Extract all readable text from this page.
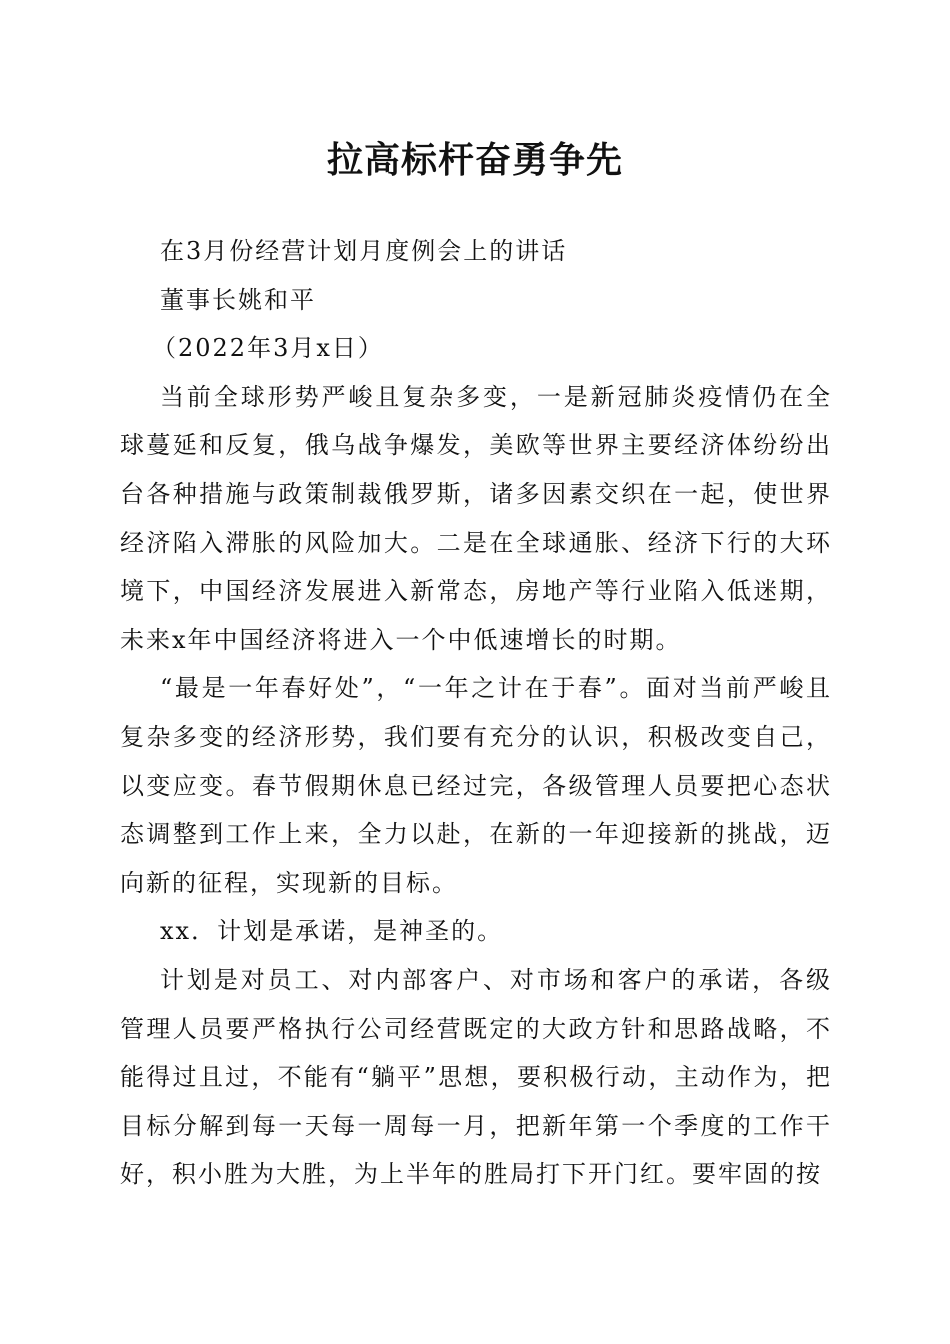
拉高标杆奋勇争先

在3月份经营计划月度例会上的讲话

董事长姚和平

（2022年3月x日）

当前全球形势严峻且复杂多变，一是新冠肺炎疫情仍在全球蔓延和反复，俄乌战争爆发，美欧等世界主要经济体纷纷出台各种措施与政策制裁俄罗斯，诸多因素交织在一起，使世界经济陷入滞胀的风险加大。二是在全球通胀、经济下行的大环境下，中国经济发展进入新常态，房地产等行业陷入低迷期，未来x年中国经济将进入一个中低速增长的时期。

“最是一年春好处”，“一年之计在于春”。面对当前严峻且复杂多变的经济形势，我们要有充分的认识，积极改变自己，以变应变。春节假期休息已经过完，各级管理人员要把心态状态调整到工作上来，全力以赴，在新的一年迎接新的挑战，迈向新的征程，实现新的目标。

xx．计划是承诺，是神圣的。

计划是对员工、对内部客户、对市场和客户的承诺，各级管理人员要严格执行公司经营既定的大政方针和思路战略，不能得过且过，不能有“躺平”思想，要积极行动，主动作为，把目标分解到每一天每一周每一月，把新年第一个季度的工作干好，积小胜为大胜，为上半年的胜局打下开门红。要牢固的按
